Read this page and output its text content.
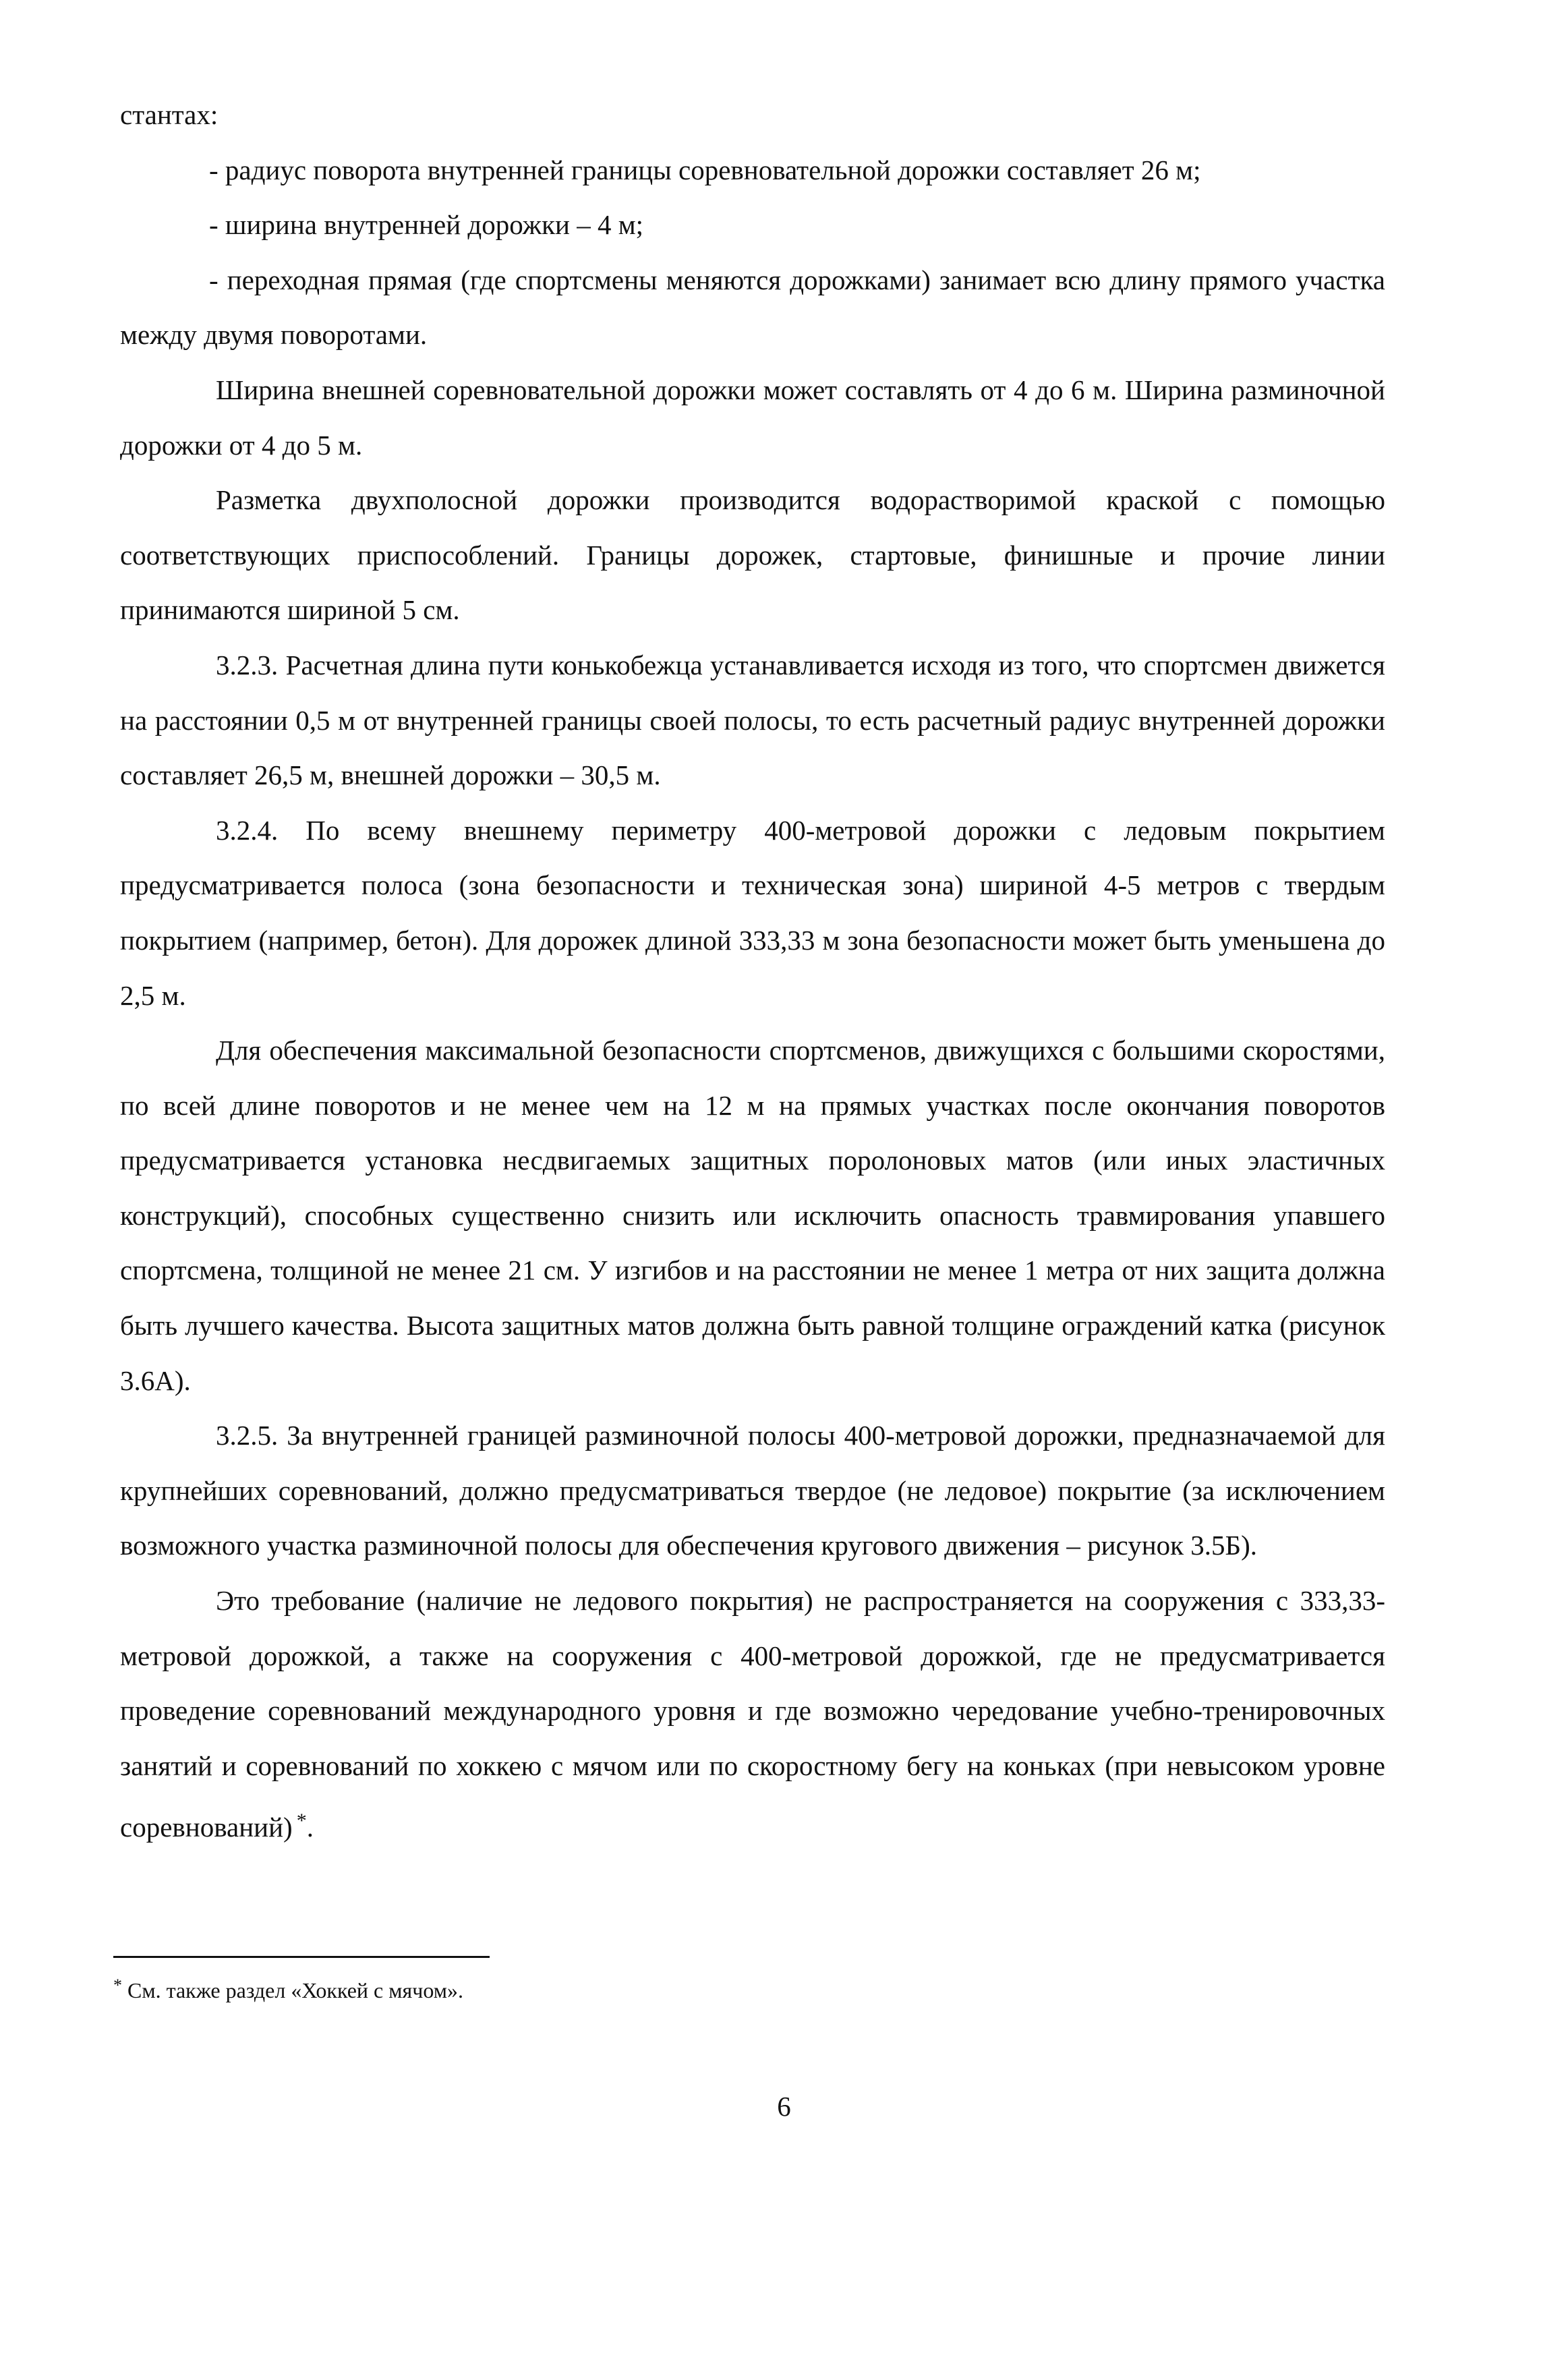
стантах:

- радиус поворота внутренней границы соревновательной дорожки составляет 26 м;

- ширина внутренней дорожки – 4 м;

- переходная прямая (где спортсмены меняются дорожками) занимает всю длину прямого участка между двумя поворотами.

Ширина внешней соревновательной дорожки может составлять от 4 до 6 м. Ширина разминочной дорожки от 4 до 5 м.

Разметка двухполосной дорожки производится водорастворимой краской с помощью соответствующих приспособлений. Границы дорожек, стартовые, финишные и прочие линии принимаются шириной 5 см.

3.2.3. Расчетная длина пути конькобежца устанавливается исходя из того, что спортсмен движется на расстоянии 0,5 м от внутренней границы своей полосы, то есть расчетный радиус внутренней дорожки составляет 26,5 м, внешней дорожки – 30,5 м.

3.2.4. По всему внешнему периметру 400-метровой дорожки с ледовым покрытием предусматривается полоса (зона безопасности и техническая зона) шириной 4-5 метров с твердым покрытием (например, бетон). Для дорожек длиной 333,33 м зона безопасности может быть уменьшена до 2,5 м.

Для обеспечения максимальной безопасности спортсменов, движущихся с большими скоростями, по всей длине поворотов и не менее чем на 12 м на прямых участках после окончания поворотов предусматривается установка несдвигаемых защитных поролоновых матов (или иных эластичных конструкций), способных существенно снизить или исключить опасность травмирования упавшего спортсмена, толщиной не менее 21 см. У изгибов и на расстоянии не менее 1 метра от них защита должна быть лучшего качества. Высота защитных матов должна быть равной толщине ограждений катка (рисунок 3.6А).

3.2.5. За внутренней границей разминочной полосы 400-метровой дорожки, предназначаемой для крупнейших соревнований, должно предусматриваться твердое (не ледовое) покрытие (за исключением возможного участка разминочной полосы для обеспечения кругового движения – рисунок 3.5Б).

Это требование (наличие не ледового покрытия) не распространяется на сооружения с 333,33-метровой дорожкой, а также на сооружения с 400-метровой дорожкой, где не предусматривается проведение соревнований международного уровня и где возможно чередование учебно-тренировочных занятий и соревнований по хоккею с мячом или по скоростному бегу на коньках (при невысоком уровне соревнований) *.

* См. также раздел «Хоккей с мячом».
6
